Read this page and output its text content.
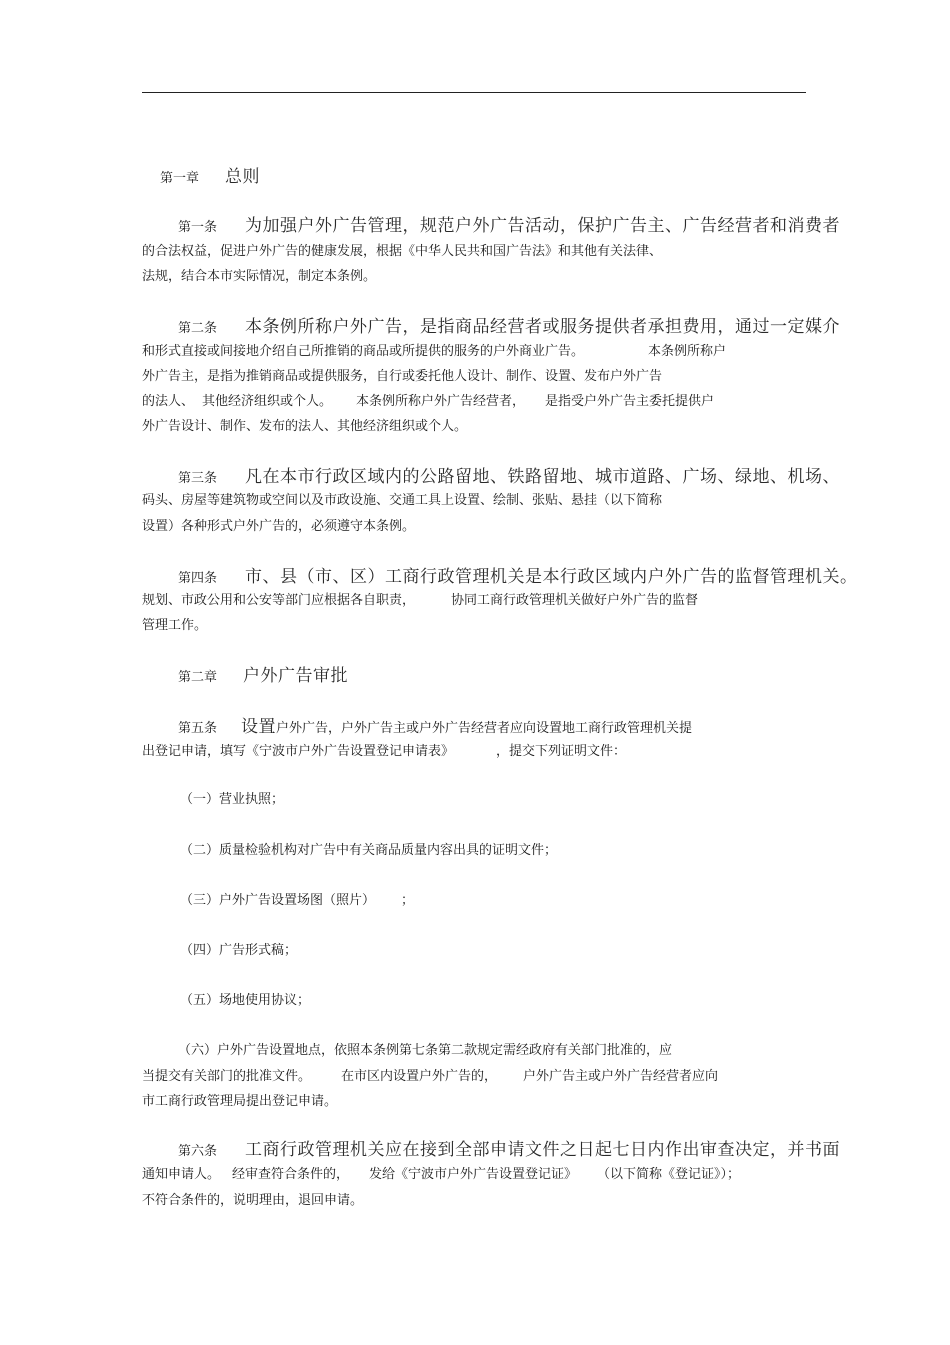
第一章 总则
第一条 为加强户外广告管理，规范户外广告活动，保护广告主、广告经营者和消费者
的合法权益，促进户外广告的健康发展，根据《中华人民共和国广告法》和其他有关法律、
法规，结合本市实际情况，制定本条例。
第二条 本条例所称户外广告，是指商品经营者或服务提供者承担费用，通过一定媒介
和形式直接或间接地介绍自己所推销的商品或所提供的服务的户外商业广告。	本条例所称户
外广告主，是指为推销商品或提供服务，自行或委托他人设计、制作、设置、发布户外广告
的法人、 其他经济组织或个人。 本条例所称户外广告经营者， 是指受户外广告主委托提供户
外广告设计、制作、发布的法人、其他经济组织或个人。
第三条 凡在本市行政区域内的公路留地、铁路留地、城市道路、广场、绿地、机场、
码头、房屋等建筑物或空间以及市政设施、交通工具上设置、绘制、张贴、悬挂（以下简称
设置）各种形式户外广告的，必须遵守本条例。
第四条 市、县（市、区）工商行政管理机关是本行政区域内户外广告的监督管理机关。
规划、市政公用和公安等部门应根据各自职责，	协同工商行政管理机关做好户外广告的监督
管理工作。
第二章 户外广告审批
第五条 设置户外广告，户外广告主或户外广告经营者应向设置地工商行政管理机关提
出登记申请，填写《宁波市户外广告设置登记申请表》	，提交下列证明文件：
（一）营业执照；
（二）质量检验机构对广告中有关商品质量内容出具的证明文件；
（三）户外广告设置场图（照片） ；
（四）广告形式稿；
（五）场地使用协议；
（六）户外广告设置地点，依照本条例第七条第二款规定需经政府有关部门批准的，应
当提交有关部门的批准文件。 在市区内设置户外广告的， 户外广告主或户外广告经营者应向
市工商行政管理局提出登记申请。
第六条 工商行政管理机关应在接到全部申请文件之日起七日内作出审查决定，并书面
通知申请人。 经审查符合条件的， 发给《宁波市户外广告设置登记证》 （以下简称《登记证》）；
不符合条件的，说明理由，退回申请。
